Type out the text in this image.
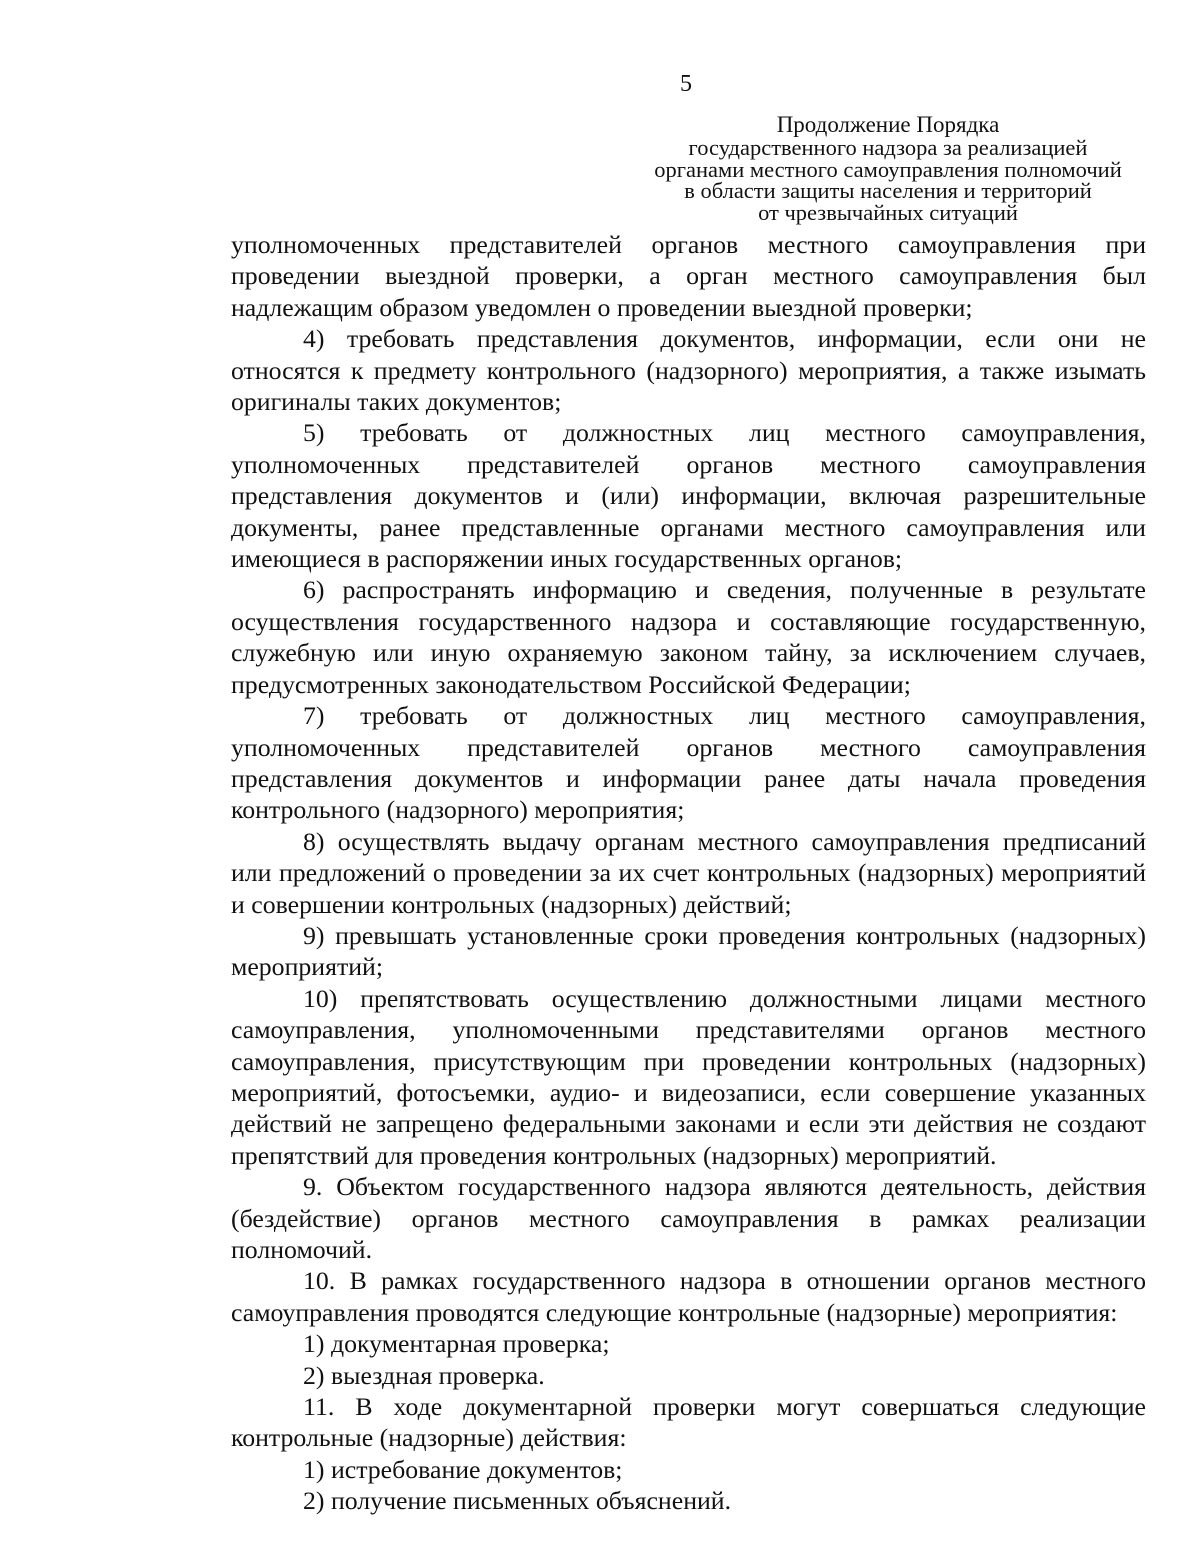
5
Продолжение Порядка
государственного надзора за реализацией
органами местного самоуправления полномочий
в области защиты населения и территорий
от чрезвычайных ситуаций

уполномоченных представителей органов местного самоуправления при проведении выездной проверки, а орган местного самоуправления был надлежащим образом уведомлен о проведении выездной проверки;

4) требовать представления документов, информации, если они не относятся к предмету контрольного (надзорного) мероприятия, а также изымать оригиналы таких документов;

5) требовать от должностных лиц местного самоуправления, уполномоченных представителей органов местного самоуправления представления документов и (или) информации, включая разрешительные документы, ранее представленные органами местного самоуправления или имеющиеся в распоряжении иных государственных органов;

6) распространять информацию и сведения, полученные в результате осуществления государственного надзора и составляющие государственную, служебную или иную охраняемую законом тайну, за исключением случаев, предусмотренных законодательством Российской Федерации;

7) требовать от должностных лиц местного самоуправления, уполномоченных представителей органов местного самоуправления представления документов и информации ранее даты начала проведения контрольного (надзорного) мероприятия;

8) осуществлять выдачу органам местного самоуправления предписаний или предложений о проведении за их счет контрольных (надзорных) мероприятий и совершении контрольных (надзорных) действий;

9) превышать установленные сроки проведения контрольных (надзорных) мероприятий;

10) препятствовать осуществлению должностными лицами местного самоуправления, уполномоченными представителями органов местного самоуправления, присутствующим при проведении контрольных (надзорных) мероприятий, фотосъемки, аудио- и видеозаписи, если совершение указанных действий не запрещено федеральными законами и если эти действия не создают препятствий для проведения контрольных (надзорных) мероприятий.

9. Объектом государственного надзора являются деятельность, действия (бездействие) органов местного самоуправления в рамках реализации полномочий.

10. В рамках государственного надзора в отношении органов местного самоуправления проводятся следующие контрольные (надзорные) мероприятия:

1) документарная проверка;

2) выездная проверка.

11. В ходе документарной проверки могут совершаться следующие контрольные (надзорные) действия:

1) истребование документов;

2) получение письменных объяснений.
